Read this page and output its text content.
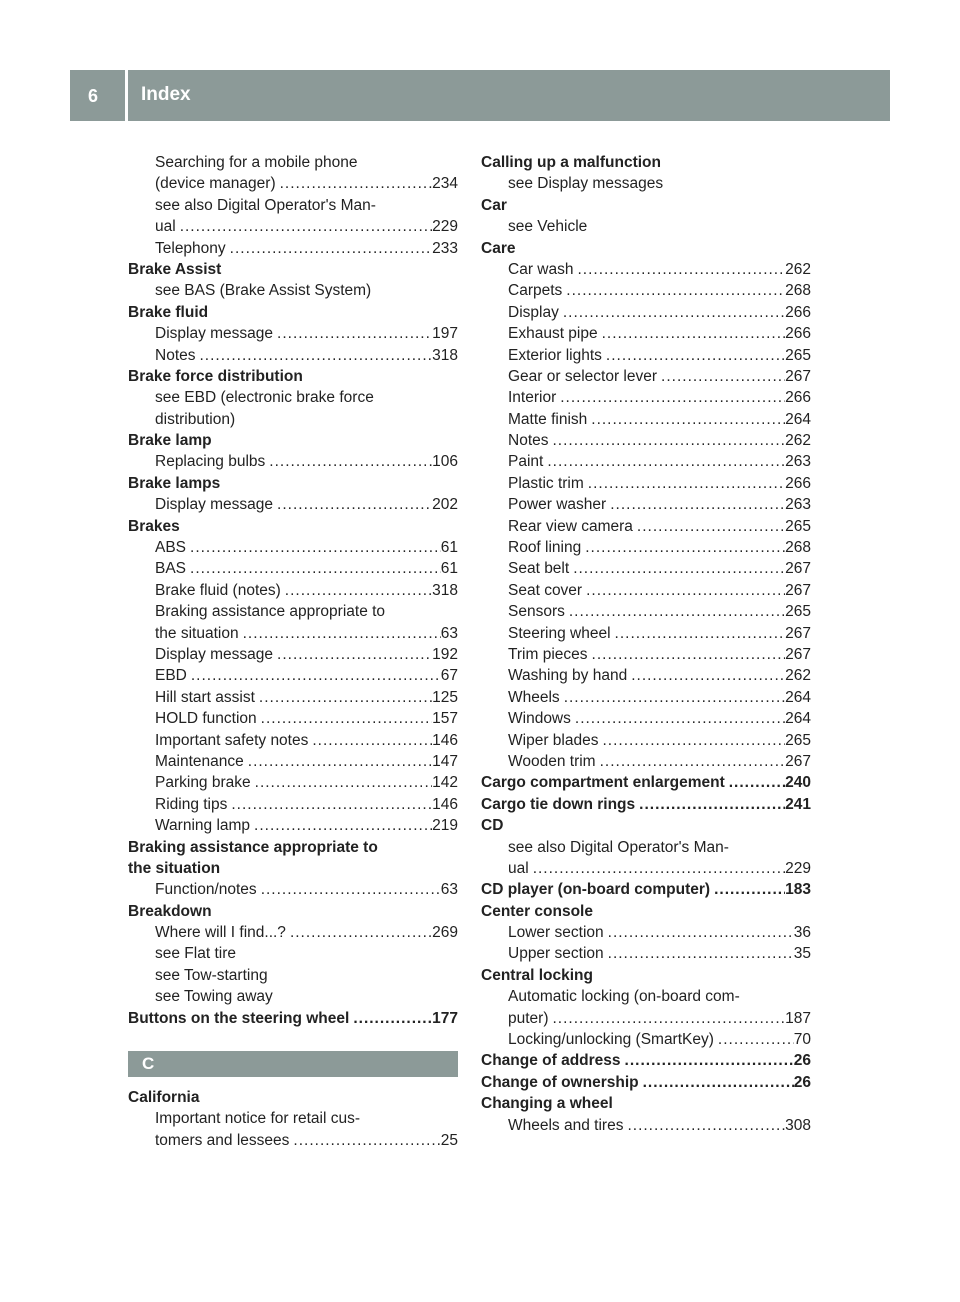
6 Index
Searching for a mobile phone
(device manager) .....	234
see also Digital Operator's Man-
ual .....	229
Telephony .....	233
Brake Assist
see BAS (Brake Assist System)
Brake fluid
Display message .....	197
Notes .....	318
Brake force distribution
see EBD (electronic brake force
distribution)
Brake lamp
Replacing bulbs .....	106
Brake lamps
Display message .....	202
Brakes
ABS .....	61
BAS .....	61
Brake fluid (notes) .....	318
Braking assistance appropriate to
the situation .....	63
Display message .....	192
EBD .....	67
Hill start assist .....	125
HOLD function .....	157
Important safety notes .....	146
Maintenance .....	147
Parking brake .....	142
Riding tips .....	146
Warning lamp .....	219
Braking assistance appropriate to
the situation
Function/notes .....	63
Breakdown
Where will I find...? .....	269
see Flat tire
see Tow-starting
see Towing away
Buttons on the steering wheel .....	177
C
California
Important notice for retail cus-
tomers and lessees .....	25
Calling up a malfunction
see Display messages
Car
see Vehicle
Care
Car wash .....	262
Carpets .....	268
Display .....	266
Exhaust pipe .....	266
Exterior lights .....	265
Gear or selector lever .....	267
Interior .....	266
Matte finish .....	264
Notes .....	262
Paint .....	263
Plastic trim .....	266
Power washer .....	263
Rear view camera .....	265
Roof lining .....	268
Seat belt .....	267
Seat cover .....	267
Sensors .....	265
Steering wheel .....	267
Trim pieces .....	267
Washing by hand .....	262
Wheels .....	264
Windows .....	264
Wiper blades .....	265
Wooden trim .....	267
Cargo compartment enlargement .....	240
Cargo tie down rings .....	241
CD
see also Digital Operator's Man-
ual .....	229
CD player (on-board computer) .....	183
Center console
Lower section .....	36
Upper section .....	35
Central locking
Automatic locking (on-board com-
puter) .....	187
Locking/unlocking (SmartKey) .....	70
Change of address .....	26
Change of ownership .....	26
Changing a wheel
Wheels and tires .....	308
